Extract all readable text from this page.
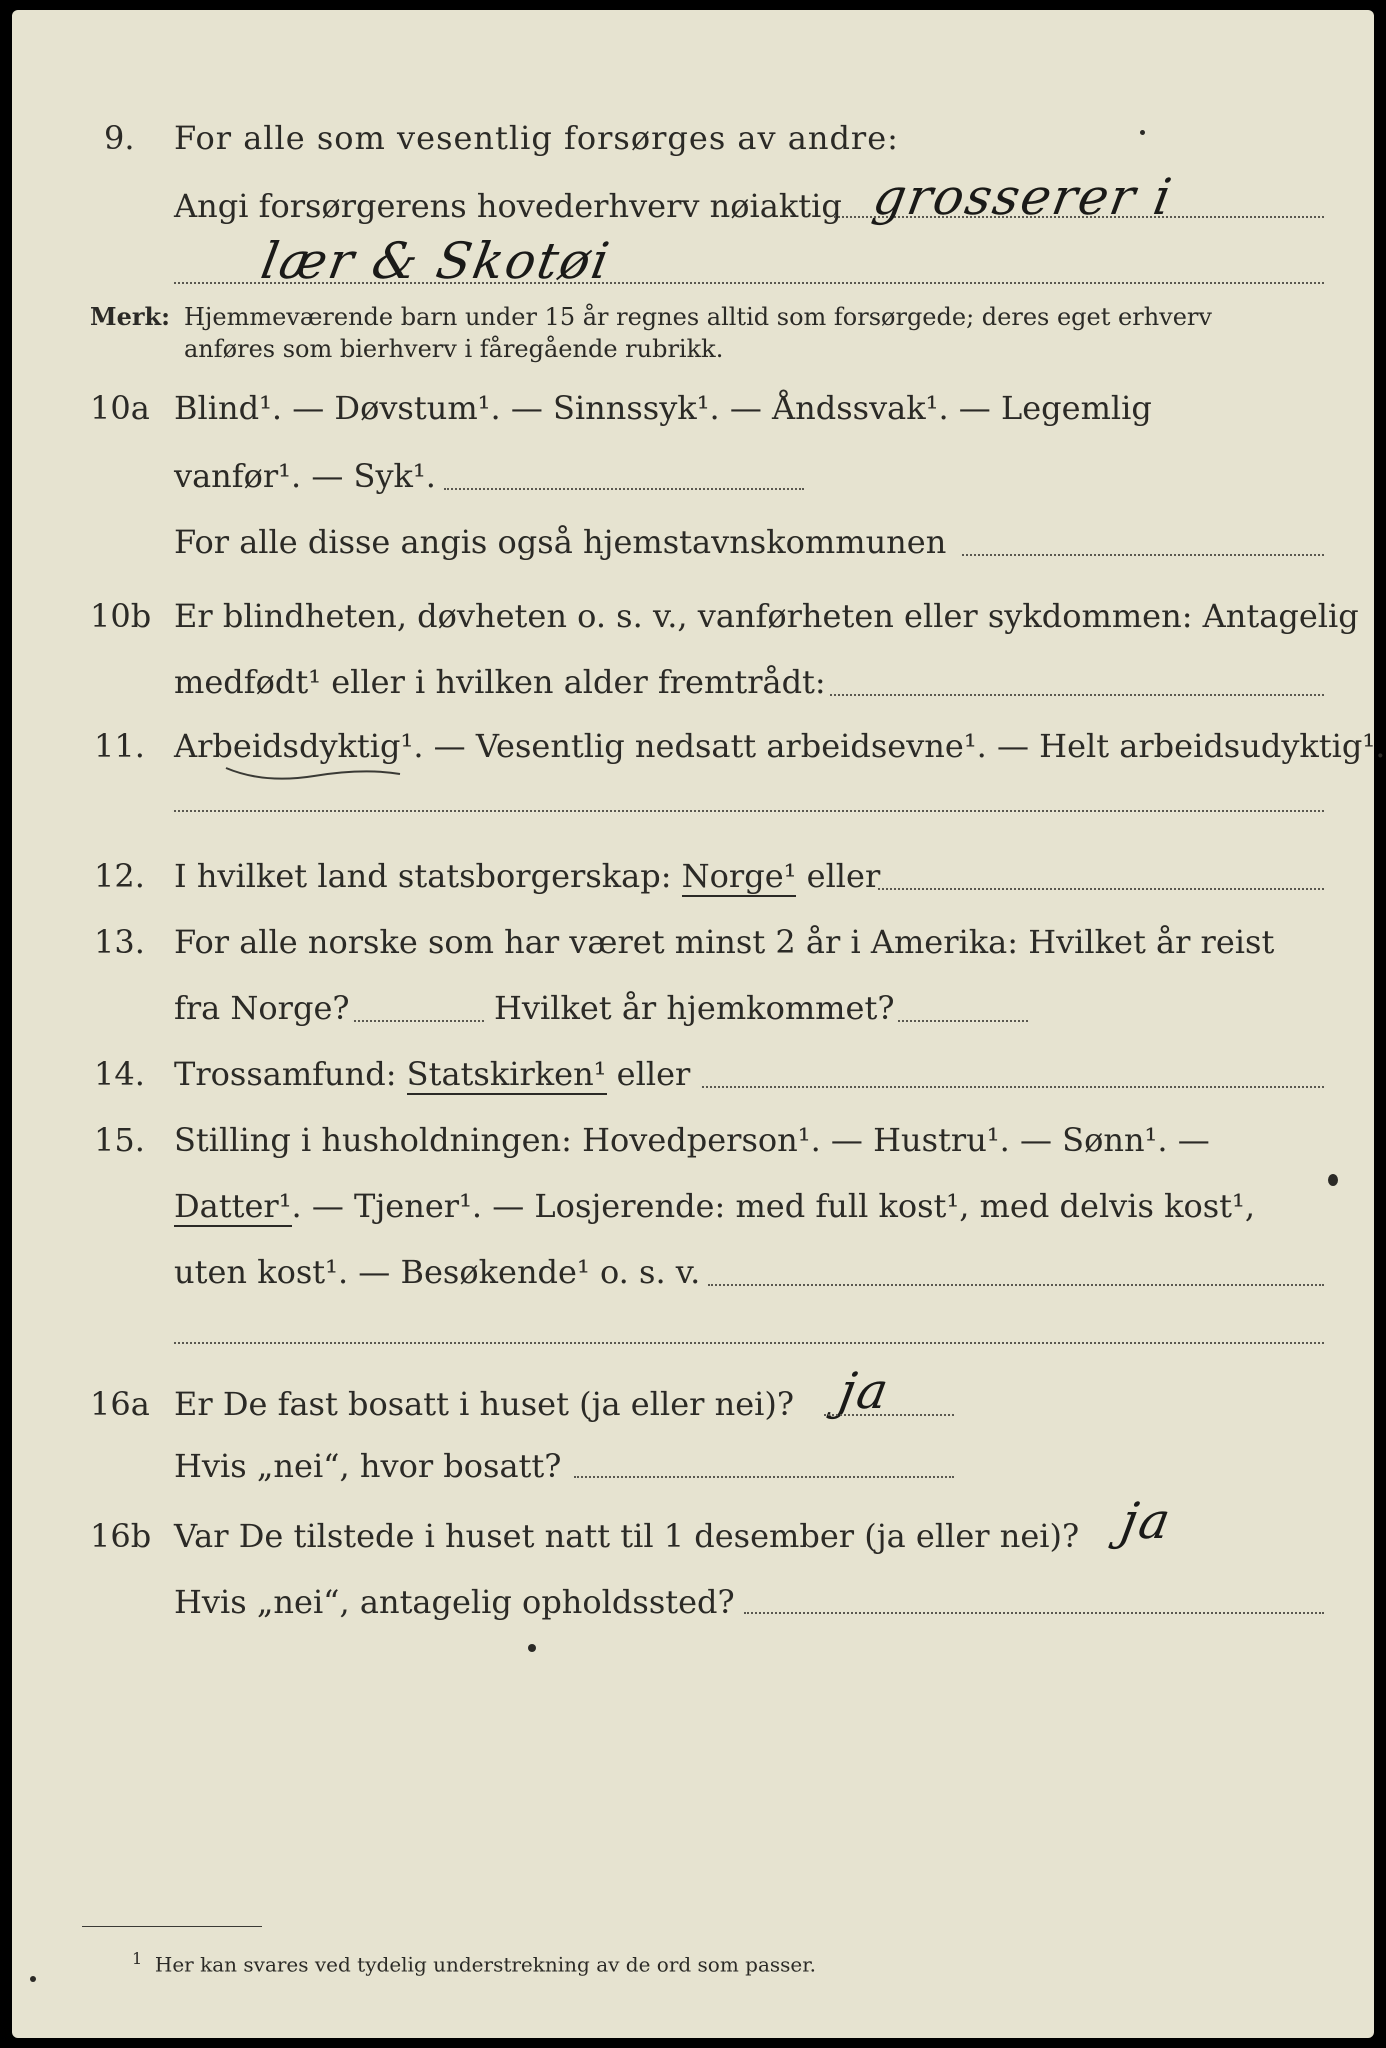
9.	For alle som vesentlig forsørges av andre:
Angi forsørgerens hovederhverv nøiaktig grosserer i
lær & Skotøi
Merk: Hjemmeværende barn under 15 år regnes alltid som forsørgede; deres eget erhverv
anføres som bierhverv i fåregående rubrikk.
10a Blind¹. — Døvstum¹. — Sinnssyk¹. — Åndssvak¹. — Legemlig
vanfør¹. — Syk¹.
For alle disse angis også hjemstavnskommunen
10b Er blindheten, døvheten o. s. v., vanførheten eller sykdommen: Antagelig
medfødt¹ eller i hvilken alder fremtrådt:
11. Arbeidsdyktig¹. — Vesentlig nedsatt arbeidsevne¹. — Helt arbeidsudyktig¹.
12. I hvilket land statsborgerskap: Norge¹ eller
13. For alle norske som har været minst 2 år i Amerika: Hvilket år reist
fra Norge?	Hvilket år hjemkommet?
14. Trossamfund: Statskirken¹ eller
15. Stilling i husholdningen: Hovedperson¹. — Hustru¹. — Sønn¹. —
Datter¹. — Tjener¹. — Losjerende: med full kost¹, med delvis kost¹,
uten kost¹. — Besøkende¹ o. s. v.
16a Er De fast bosatt i huset (ja eller nei)? ja
Hvis „nei“, hvor bosatt?
16b Var De tilstede i huset natt til 1 desember (ja eller nei)? ja
Hvis „nei“, antagelig opholdssted?
$^1$ Her kan svares ved tydelig understrekning av de ord som passer.
